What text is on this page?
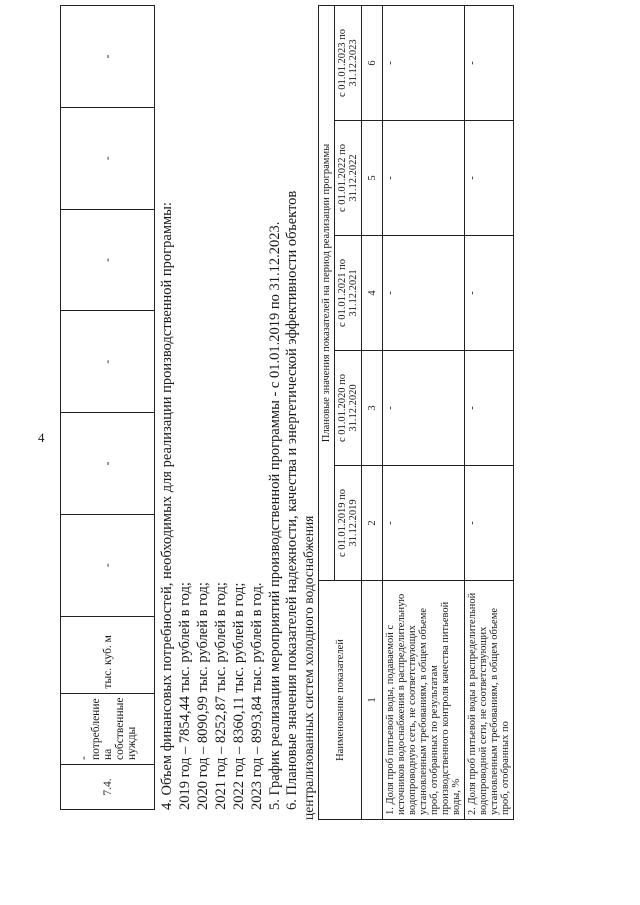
4
7.4.	- потребление на собственные нужды	тыс. куб. м	-	-	-	-	-	-
4. Объем финансовых потребностей, необходимых для реализации производственной программы: 2019 год – 7854,44 тыс. рублей в год; 2020 год – 8090,99 тыс. рублей в год; 2021 год – 8252,87 тыс. рублей в год; 2022 год – 8360,11 тыс. рублей в год; 2023 год – 8993,84 тыс. рублей в год. 5. График реализации мероприятий производственной программы - с 01.01.2019 по 31.12.2023. 6. Плановые значения показателей надежности, качества и энергетической эффективности объектов централизованных систем холодного водоснабжения Наименование показателей	Плановые значения показателей на период реализации программы				
	с 01.01.2019 по 31.12.2019	с 01.01.2020 по 31.12.2020	с 01.01.2021 по 31.12.2021	с 01.01.2022 по 31.12.2022	с 01.01.2023 по 31.12.2023
1	2	3	4	5	6
1. Доля проб питьевой воды, подаваемой с источников водоснабжения в распределительную водопроводную сеть, не соответствующих установленным требованиям, в общем объеме проб, отобранных по результатам производственного контроля качества питьевой воды, %	-	-	-	-	-
2. Доля проб питьевой воды в распределительной водопроводной сети, не соответствующих установленным требованиям, в общем объеме проб, отобранных по	-	-	-	-	-
